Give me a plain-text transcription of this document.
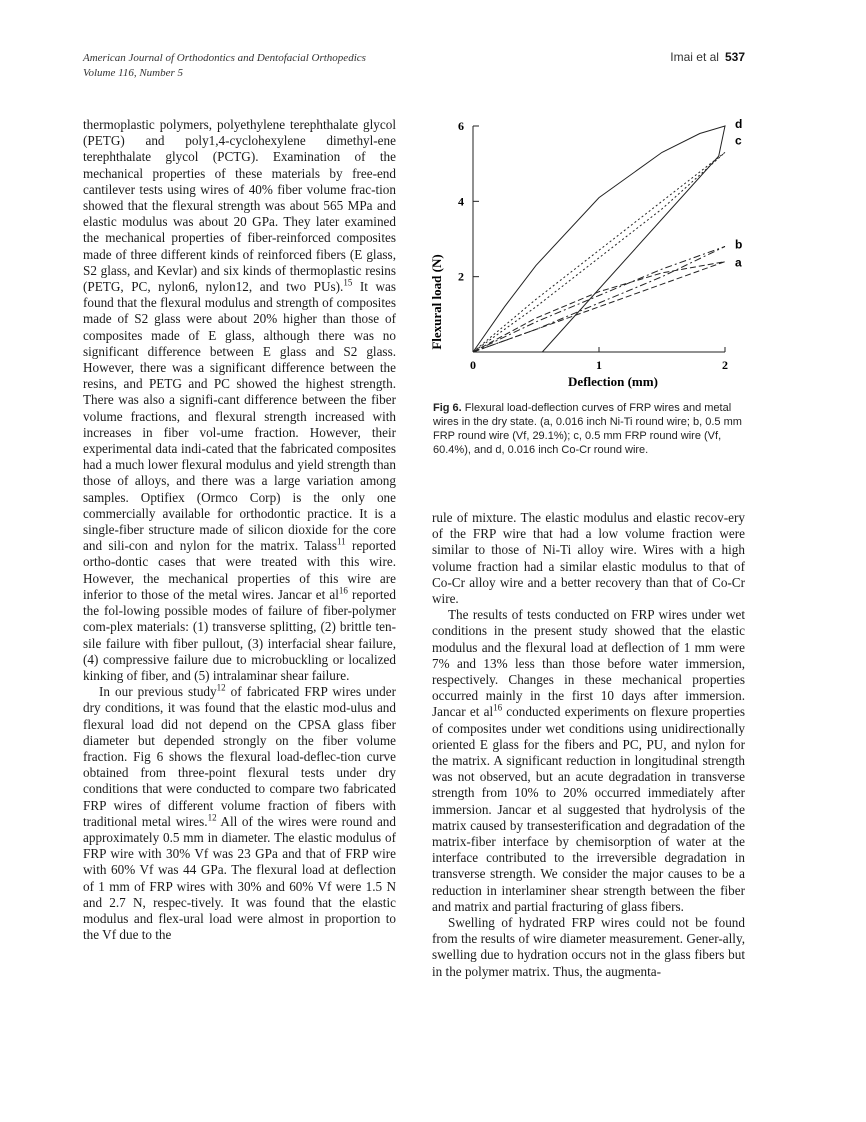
American Journal of Orthodontics and Dentofacial Orthopedics
Volume 116, Number 5
Imai et al 537

thermoplastic polymers, polyethylene terephthalate glycol (PETG) and poly1,4-cyclohexylene dimethyl-ene terephthalate glycol (PCTG). Examination of the mechanical properties of these materials by free-end cantilever tests using wires of 40% fiber volume frac-tion showed that the flexural strength was about 565 MPa and elastic modulus was about 20 GPa. They later examined the mechanical properties of fiber-reinforced composites made of three different kinds of reinforced fibers (E glass, S2 glass, and Kevlar) and six kinds of thermoplastic resins (PETG, PC, nylon6, nylon12, and two PUs).$^{15}$ It was found that the flexural modulus and strength of composites made of S2 glass were about 20% higher than those of composites made of E glass, although there was no significant difference between E glass and S2 glass. However, there was a significant difference between the resins, and PETG and PC showed the highest strength. There was also a signifi-cant difference between the fiber volume fractions, and flexural strength increased with increases in fiber vol-ume fraction. However, their experimental data indi-cated that the fabricated composites had a much lower flexural modulus and yield strength than those of alloys, and there was a large variation among samples. Optifiex (Ormco Corp) is the only one commercially available for orthodontic practice. It is a single-fiber structure made of silicon dioxide for the core and sili-con and nylon for the matrix. Talass$^{11}$ reported ortho-dontic cases that were treated with this wire. However, the mechanical properties of this wire are inferior to those of the metal wires. Jancar et $al^{16}$ reported the fol-lowing possible modes of failure of fiber-polymer com-plex materials: (1) transverse splitting, (2) brittle ten-sile failure with fiber pullout, (3) interfacial shear failure, (4) compressive failure due to microbuckling or localized kinking of fiber, and (5) intralaminar shear failure.

In our previous study$^{12}$ of fabricated FRP wires under dry conditions, it was found that the elastic mod-ulus and flexural load did not depend on the CPSA glass fiber diameter but depended strongly on the fiber volume fraction. Fig 6 shows the flexural load-deflec-tion curve obtained from three-point flexural tests under dry conditions that were conducted to compare two fabricated FRP wires of different volume fraction of fibers with traditional metal wires.$^{12}$ All of the wires were round and approximately 0.5 mm in diameter. The elastic modulus of FRP wire with 30% Vf was 23 GPa and that of FRP wire with 60% Vf was 44 GPa. The flexural load at deflection of 1 mm of FRP wires with 30% and 60% Vf were 1.5 N and 2.7 N, respec-tively. It was found that the elastic modulus and flex-ural load were almost in proportion to the Vf due to the

2
4
6
0	1	2
a
b
c
d
Flexural load (N)
Deflection (mm)
Fig 6. Flexural load-deflection curves of FRP wires and metal wires in the dry state. (a, 0.016 inch Ni-Ti round wire; b, 0.5 mm FRP round wire (Vf, 29.1%); c, 0.5 mm FRP round wire (Vf, 60.4%), and d, 0.016 inch Co-Cr round wire.

rule of mixture. The elastic modulus and elastic recov-ery of the FRP wire that had a low volume fraction were similar to those of Ni-Ti alloy wire. Wires with a high volume fraction had a similar elastic modulus to that of Co-Cr alloy wire and a better recovery than that of Co-Cr wire.

The results of tests conducted on FRP wires under wet conditions in the present study showed that the elastic modulus and the flexural load at deflection of 1 mm were 7% and 13% less than those before water immersion, respectively. Changes in these mechanical properties occurred mainly in the first 10 days after immersion. Jancar et $al^{16}$ conducted experiments on flexure properties of composites under wet conditions using unidirectionally oriented E glass for the fibers and PC, PU, and nylon for the matrix. A significant reduction in longitudinal strength was not observed, but an acute degradation in transverse strength from 10% to 20% occurred immediately after immersion. Jancar et al suggested that hydrolysis of the matrix caused by transesterification and degradation of the matrix-fiber interface by chemisorption of water at the interface contributed to the irreversible degradation in transverse strength. We consider the major causes to be a reduction in interlaminer shear strength between the fiber and matrix and partial fracturing of glass fibers.

Swelling of hydrated FRP wires could not be found from the results of wire diameter measurement. Gener-ally, swelling due to hydration occurs not in the glass fibers but in the polymer matrix. Thus, the augmenta-
